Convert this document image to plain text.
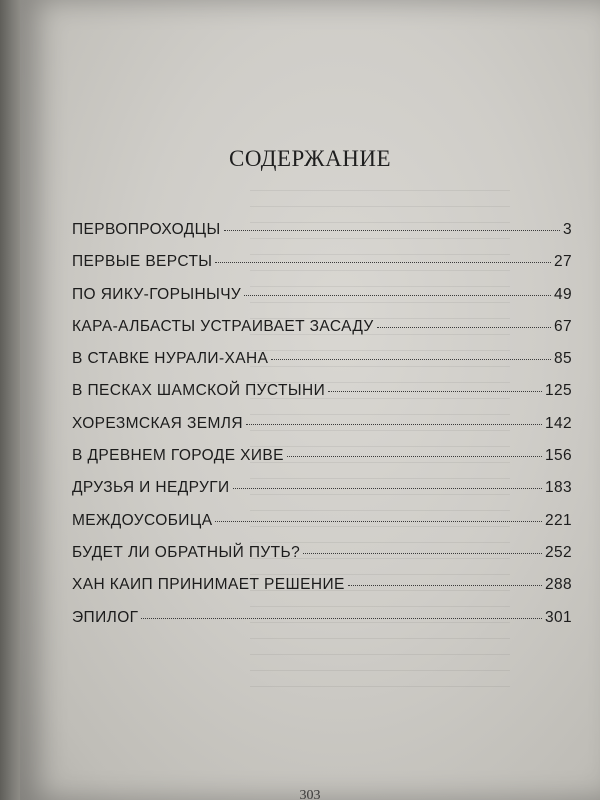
СОДЕРЖАНИЕ
ПЕРВОПРОХОДЦЫ	3
ПЕРВЫЕ ВЕРСТЫ	27
ПО ЯИКУ-ГОРЫНЫЧУ	49
КАРА-АЛБАСТЫ УСТРАИВАЕТ ЗАСАДУ	67
В СТАВКЕ НУРАЛИ-ХАНА	85
В ПЕСКАХ ШАМСКОЙ ПУСТЫНИ	125
ХОРЕЗМСКАЯ ЗЕМЛЯ	142
В ДРЕВНЕМ ГОРОДЕ ХИВЕ	156
ДРУЗЬЯ И НЕДРУГИ	183
МЕЖДОУСОБИЦА	221
БУДЕТ ЛИ ОБРАТНЫЙ ПУТЬ?	252
ХАН КАИП ПРИНИМАЕТ РЕШЕНИЕ	288
ЭПИЛОГ	301
303
